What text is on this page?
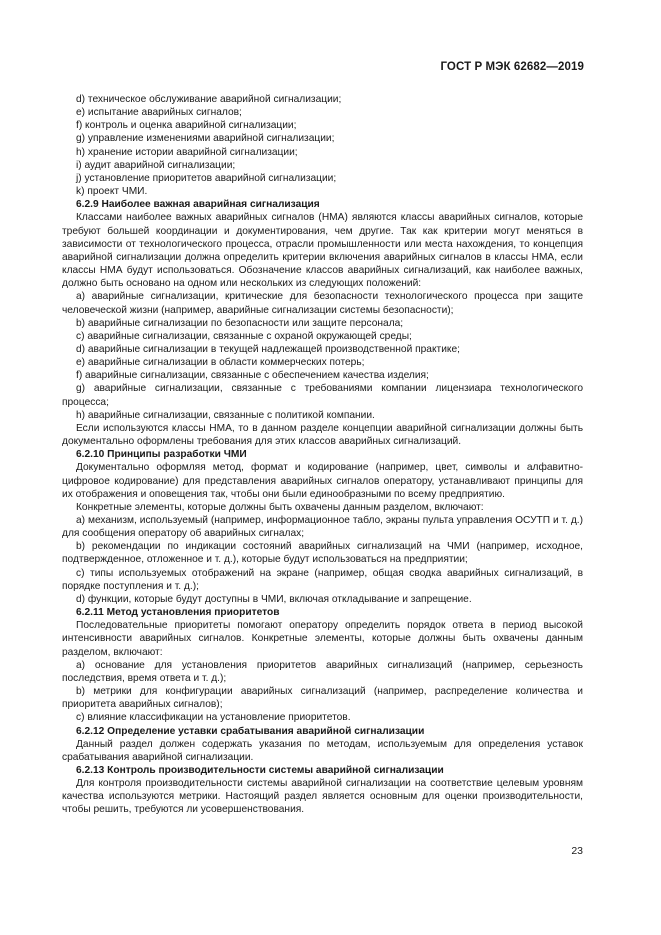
ГОСТ Р МЭК 62682—2019

d) техническое обслуживание аварийной сигнализации;

e) испытание аварийных сигналов;

f) контроль и оценка аварийной сигнализации;

g) управление изменениями аварийной сигнализации;

h) хранение истории аварийной сигнализации;

i) аудит аварийной сигнализации;

j) установление приоритетов аварийной сигнализации;

k) проект ЧМИ.

6.2.9 Наиболее важная аварийная сигнализация

Классами наиболее важных аварийных сигналов (НМА) являются классы аварийных сигналов, которые требуют большей координации и документирования, чем другие. Так как критерии могут меняться в зависимости от технологического процесса, отрасли промышленности или места нахождения, то концепция аварийной сигнализации должна определить критерии включения аварийных сигналов в классы НМА, если классы НМА будут использоваться. Обозначение классов аварийных сигнализаций, как наиболее важных, должно быть основано на одном или нескольких из следующих положений:

a) аварийные сигнализации, критические для безопасности технологического процесса при защите человеческой жизни (например, аварийные сигнализации системы безопасности);

b) аварийные сигнализации по безопасности или защите персонала;

c) аварийные сигнализации, связанные с охраной окружающей среды;

d) аварийные сигнализации в текущей надлежащей производственной практике;

e) аварийные сигнализации в области коммерческих потерь;

f) аварийные сигнализации, связанные с обеспечением качества изделия;

g) аварийные сигнализации, связанные с требованиями компании лицензиара технологического процесса;

h) аварийные сигнализации, связанные с политикой компании.

Если используются классы НМА, то в данном разделе концепции аварийной сигнализации должны быть документально оформлены требования для этих классов аварийных сигнализаций.

6.2.10 Принципы разработки ЧМИ

Документально оформляя метод, формат и кодирование (например, цвет, символы и алфавитно-цифровое кодирование) для представления аварийных сигналов оператору, устанавливают принципы для их отображения и оповещения так, чтобы они были единообразными по всему предприятию.

Конкретные элементы, которые должны быть охвачены данным разделом, включают:

a) механизм, используемый (например, информационное табло, экраны пульта управления ОСУТП и т. д.) для сообщения оператору об аварийных сигналах;

b) рекомендации по индикации состояний аварийных сигнализаций на ЧМИ (например, исходное, подтвержденное, отложенное и т. д.), которые будут использоваться на предприятии;

c) типы используемых отображений на экране (например, общая сводка аварийных сигнализаций, в порядке поступления и т. д.);

d) функции, которые будут доступны в ЧМИ, включая откладывание и запрещение.

6.2.11 Метод установления приоритетов

Последовательные приоритеты помогают оператору определить порядок ответа в период высокой интенсивности аварийных сигналов. Конкретные элементы, которые должны быть охвачены данным разделом, включают:

a) основание для установления приоритетов аварийных сигнализаций (например, серьезность последствия, время ответа и т. д.);

b) метрики для конфигурации аварийных сигнализаций (например, распределение количества и приоритета аварийных сигналов);

c) влияние классификации на установление приоритетов.

6.2.12 Определение уставки срабатывания аварийной сигнализации

Данный раздел должен содержать указания по методам, используемым для определения уставок срабатывания аварийной сигнализации.

6.2.13 Контроль производительности системы аварийной сигнализации

Для контроля производительности системы аварийной сигнализации на соответствие целевым уровням качества используются метрики. Настоящий раздел является основным для оценки производительности, чтобы решить, требуются ли усовершенствования.

23
